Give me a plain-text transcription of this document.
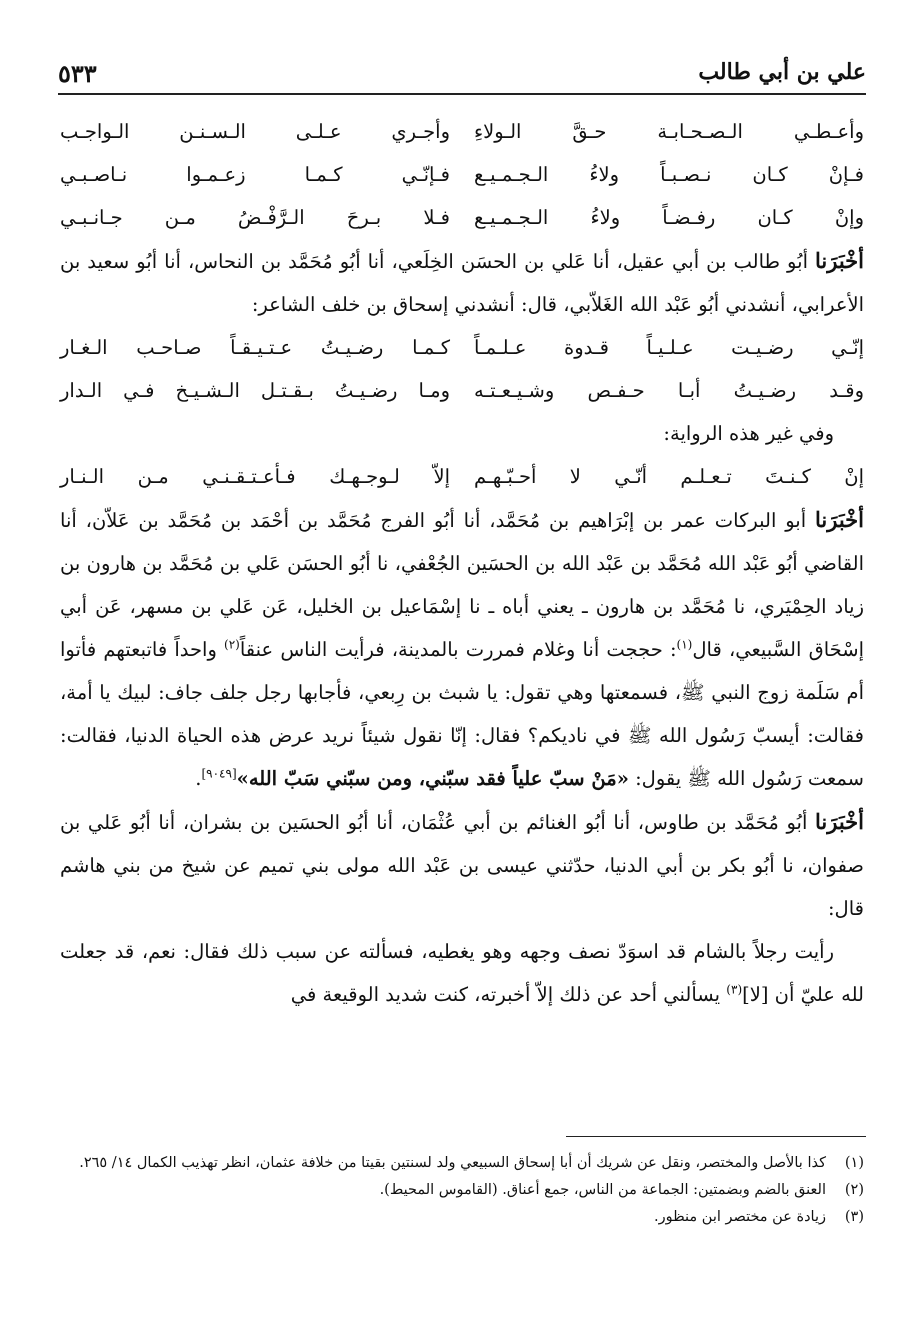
علي بن أبي طالب
٥٣٣
وأعـطـي الـصـحـابـة حـقَّ الـولاءِ
وأجـري عـلـى الـسـنـن الـواجـب
فـإنْ كـان نـصـبـاً ولاءُ الـجـمـيـع
فـإنّـي كـمـا زعـمـوا نـاصـبـي
وإنْ كـان رفـضـاً ولاءُ الـجـمـيـع
فـلا بـرحَ الـرَّفْـضُ مـن جـانـبـي

أخْبَرَنا أبُو طالب بن أبي عقيل، أنا عَلي بن الحسَن الخِلَعي، أنا أبُو مُحَمَّد بن النحاس، أنا أبُو سعيد بن الأعرابي، أنشدني أبُو عَبْد الله الغَلاّبي، قال: أنشدني إسحاق بن خلف الشاعر:

إنّـي رضـيـت عـلـيـاً قـدوة عـلـمـاً
كـمـا رضـيـتُ عـتـيـقـاً صـاحـب الـغـار
وقـد رضـيـتُ أبـا حـفـص وشـيـعـتـه
ومـا رضـيـتُ بـقـتـل الـشـيـخ فـي الـدار

وفي غير هذه الرواية:

إنْ كـنـتَ تـعـلـم أنّـي لا أحـبّـهـم
إلاّ لـوجـهـك فـأعـتـقـنـي مـن الـنـار

أخْبَرَنا أبو البركات عمر بن إبْرَاهيم بن مُحَمَّد، أنا أبُو الفرج مُحَمَّد بن أحْمَد بن مُحَمَّد بن عَلاّن، أنا القاضي أبُو عَبْد الله مُحَمَّد بن عَبْد الله بن الحسَين الجُعْفي، نا أبُو الحسَن عَلي بن مُحَمَّد بن هارون بن زياد الحِمْيَري، نا مُحَمَّد بن هارون ـ يعني أباه ـ نا إسْمَاعيل بن الخليل، عَن عَلي بن مسهر، عَن أبي إسْحَاق السَّبيعي، قال$^{(١)}$: حججت أنا وغلام فمررت بالمدينة، فرأيت الناس عنقاً$^{(٢)}$ واحداً فاتبعتهم فأتوا أم سَلَمة زوج النبي ﷺ، فسمعتها وهي تقول: يا شبث بن رِبعي، فأجابها رجل جلف جاف: لبيك يا أمة، فقالت: أيسبّ رَسُول الله ﷺ في ناديكم؟ فقال: إنّا نقول شيئاً نريد عرض هذه الحياة الدنيا، فقالت: سمعت رَسُول الله ﷺ يقول: «مَنْ سبّ علياً فقد سبّني، ومن سبّني سَبّ الله»[٩٠٤٩].

أخْبَرَنا أبُو مُحَمَّد بن طاوس، أنا أبُو الغنائم بن أبي عُثْمَان، أنا أبُو الحسَين بن بشران، أنا أبُو عَلي بن صفوان، نا أبُو بكر بن أبي الدنيا، حدّثني عيسى بن عَبْد الله مولى بني تميم عن شيخ من بني هاشم قال:

رأيت رجلاً بالشام قد اسوَدّ نصف وجهه وهو يغطيه، فسألته عن سبب ذلك فقال: نعم، قد جعلت لله عليّ أن [لا]$^{(٣)}$ يسألني أحد عن ذلك إلاّ أخبرته، كنت شديد الوقيعة في

(١)
كذا بالأصل والمختصر، ونقل عن شريك أن أبا إسحاق السبيعي ولد لسنتين بقيتا من خلافة عثمان، انظر تهذيب الكمال ١٤/ ٢٦٥.
(٢)
العنق بالضم وبضمتين: الجماعة من الناس، جمع أعناق. (القاموس المحيط).
(٣)
زيادة عن مختصر ابن منظور.
